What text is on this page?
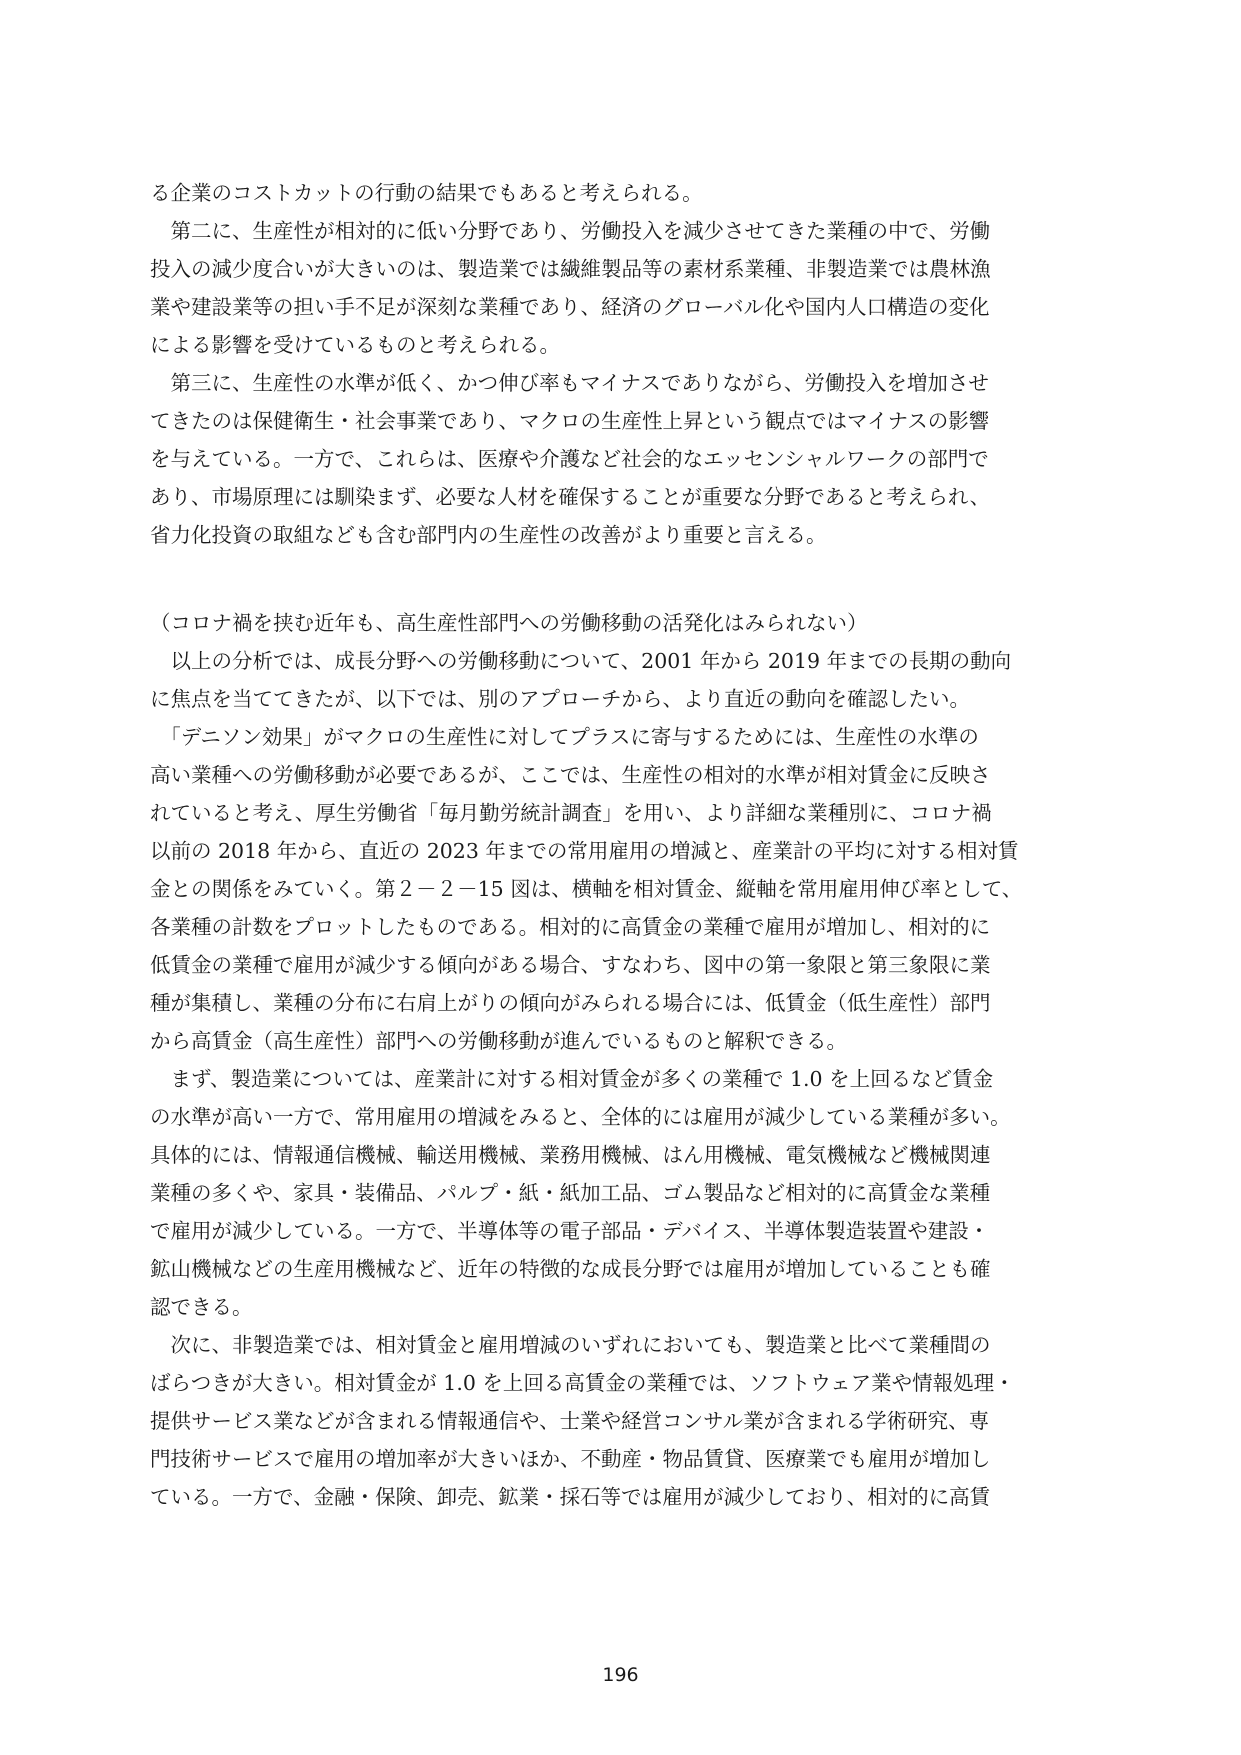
る企業のコストカットの行動の結果でもあると考えられる。
　第二に、生産性が相対的に低い分野であり、労働投入を減少させてきた業種の中で、労働
投入の減少度合いが大きいのは、製造業では繊維製品等の素材系業種、非製造業では農林漁
業や建設業等の担い手不足が深刻な業種であり、経済のグローバル化や国内人口構造の変化
による影響を受けているものと考えられる。
　第三に、生産性の水準が低く、かつ伸び率もマイナスでありながら、労働投入を増加させ
てきたのは保健衛生・社会事業であり、マクロの生産性上昇という観点ではマイナスの影響
を与えている。一方で、これらは、医療や介護など社会的なエッセンシャルワークの部門で
あり、市場原理には馴染まず、必要な人材を確保することが重要な分野であると考えられ、
省力化投資の取組なども含む部門内の生産性の改善がより重要と言える。
（コロナ禍を挟む近年も、高生産性部門への労働移動の活発化はみられない）
　以上の分析では、成長分野への労働移動について、2001 年から 2019 年までの長期の動向
に焦点を当ててきたが、以下では、別のアプローチから、より直近の動向を確認したい。
　「デニソン効果」がマクロの生産性に対してプラスに寄与するためには、生産性の水準の
高い業種への労働移動が必要であるが、ここでは、生産性の相対的水準が相対賃金に反映さ
れていると考え、厚生労働省「毎月勤労統計調査」を用い、より詳細な業種別に、コロナ禍
以前の 2018 年から、直近の 2023 年までの常用雇用の増減と、産業計の平均に対する相対賃
金との関係をみていく。第２－２－15 図は、横軸を相対賃金、縦軸を常用雇用伸び率として、
各業種の計数をプロットしたものである。相対的に高賃金の業種で雇用が増加し、相対的に
低賃金の業種で雇用が減少する傾向がある場合、すなわち、図中の第一象限と第三象限に業
種が集積し、業種の分布に右肩上がりの傾向がみられる場合には、低賃金（低生産性）部門
から高賃金（高生産性）部門への労働移動が進んでいるものと解釈できる。
　まず、製造業については、産業計に対する相対賃金が多くの業種で 1.0 を上回るなど賃金
の水準が高い一方で、常用雇用の増減をみると、全体的には雇用が減少している業種が多い。
具体的には、情報通信機械、輸送用機械、業務用機械、はん用機械、電気機械など機械関連
業種の多くや、家具・装備品、パルプ・紙・紙加工品、ゴム製品など相対的に高賃金な業種
で雇用が減少している。一方で、半導体等の電子部品・デバイス、半導体製造装置や建設・
鉱山機械などの生産用機械など、近年の特徴的な成長分野では雇用が増加していることも確
認できる。
　次に、非製造業では、相対賃金と雇用増減のいずれにおいても、製造業と比べて業種間の
ばらつきが大きい。相対賃金が 1.0 を上回る高賃金の業種では、ソフトウェア業や情報処理・
提供サービス業などが含まれる情報通信や、士業や経営コンサル業が含まれる学術研究、専
門技術サービスで雇用の増加率が大きいほか、不動産・物品賃貸、医療業でも雇用が増加し
ている。一方で、金融・保険、卸売、鉱業・採石等では雇用が減少しており、相対的に高賃
196
